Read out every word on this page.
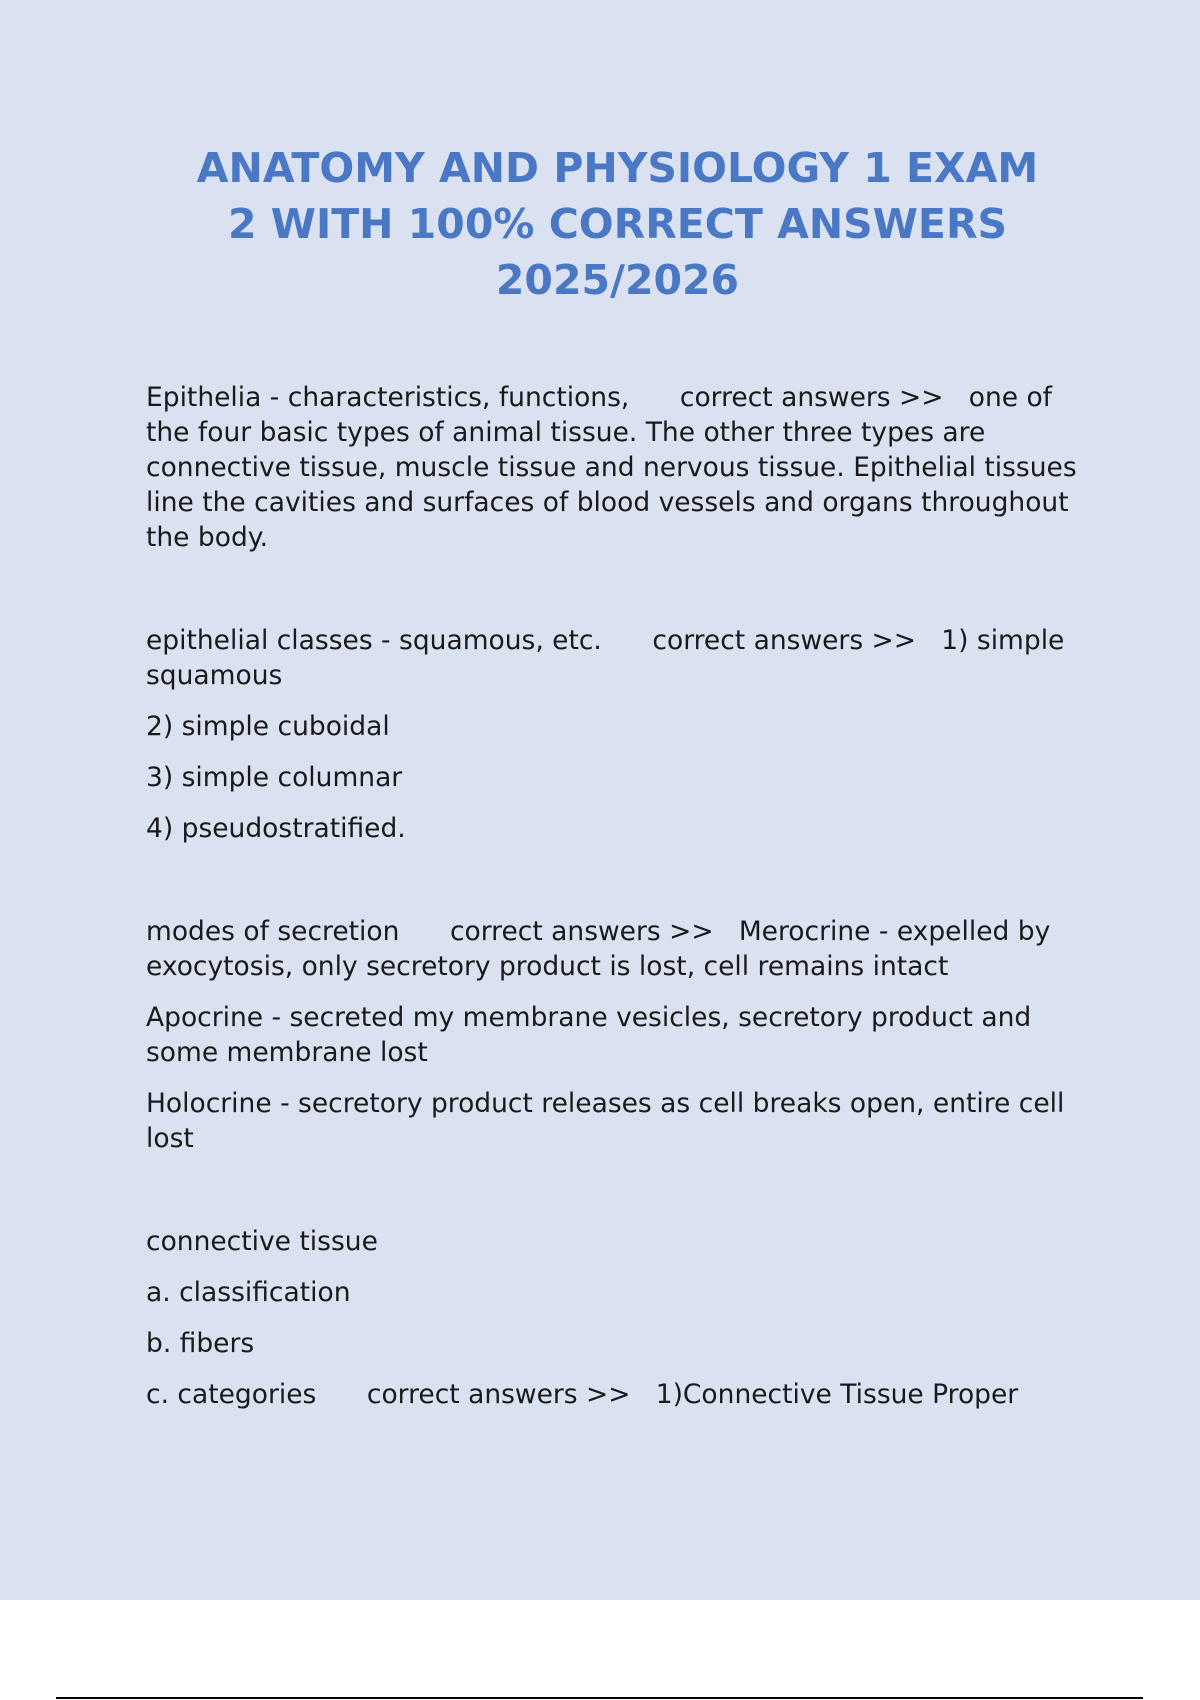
ANATOMY AND PHYSIOLOGY 1 EXAM
2 WITH 100% CORRECT ANSWERS
2025/2026

Epithelia - characteristics, functions, correct answers >> one of the four basic types of animal tissue. The other three types are connective tissue, muscle tissue and nervous tissue. Epithelial tissues line the cavities and surfaces of blood vessels and organs throughout the body.

epithelial classes - squamous, etc. correct answers >> 1) simple squamous

2) simple cuboidal

3) simple columnar

4) pseudostratified.

modes of secretion correct answers >> Merocrine - expelled by exocytosis, only secretory product is lost, cell remains intact

Apocrine - secreted my membrane vesicles, secretory product and some membrane lost

Holocrine - secretory product releases as cell breaks open, entire cell lost

connective tissue

a. classification

b. fibers

c. categories correct answers >> 1)Connective Tissue Proper
